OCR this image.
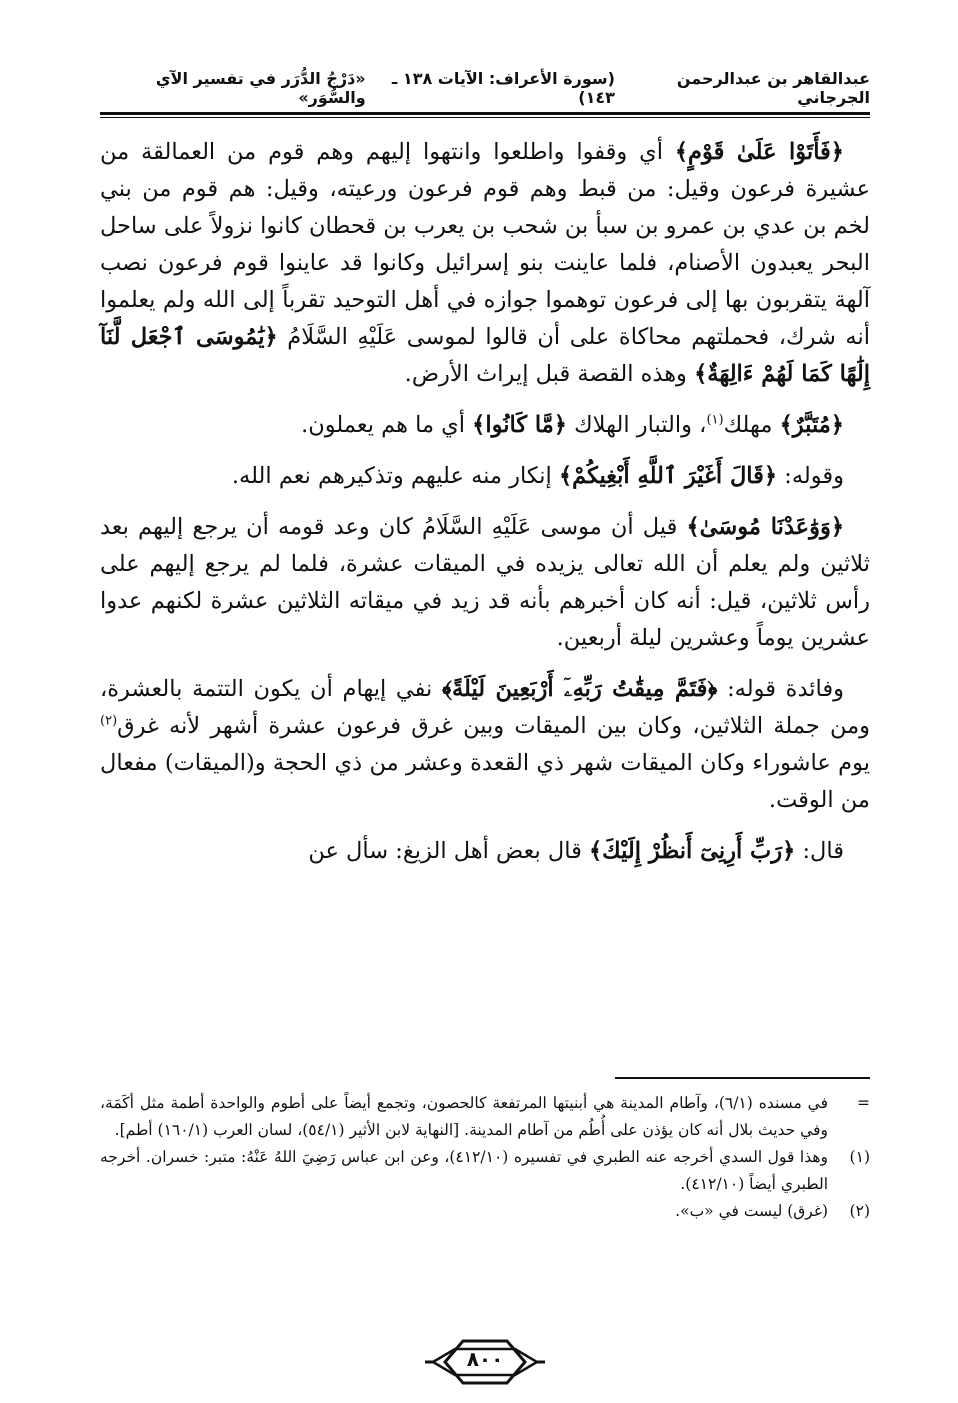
عبدالقاهر بن عبدالرحمن الجرجاني
(سورة الأعراف: الآيات ١٣٨ ـ ١٤٣)
«دَرْجُ الدُّرَر في تفسير الآي والسُّوَر»

﴿فَأَتَوْا عَلَىٰ قَوْمٍ﴾ أي وقفوا واطلعوا وانتهوا إليهم وهم قوم من العمالقة من عشيرة فرعون وقيل: من قبط وهم قوم فرعون ورعيته، وقيل: هم قوم من بني لخم بن عدي بن عمرو بن سبأ بن شحب بن يعرب بن قحطان كانوا نزولاً على ساحل البحر يعبدون الأصنام، فلما عاينت بنو إسرائيل وكانوا قد عاينوا قوم فرعون نصب آلهة يتقربون بها إلى فرعون توهموا جوازه في أهل التوحيد تقرباً إلى الله ولم يعلموا أنه شرك، فحملتهم محاكاة على أن قالوا لموسى عَلَيْهِ السَّلَامُ ﴿يَٰمُوسَى ٱجْعَل لَّنَآ إِلَٰهًا كَمَا لَهُمْ ءَالِهَةٌ﴾ وهذه القصة قبل إيراث الأرض.

﴿مُتَبَّرٌ﴾ مهلك$^{(١)}$، والتبار الهلاك ﴿مَّا كَانُوا﴾ أي ما هم يعملون.

وقوله: ﴿قَالَ أَغَيْرَ ٱللَّهِ أَبْغِيكُمْ﴾ إنكار منه عليهم وتذكيرهم نعم الله.

﴿وَوَٰعَدْنَا مُوسَىٰ﴾ قيل أن موسى عَلَيْهِ السَّلَامُ كان وعد قومه أن يرجع إليهم بعد ثلاثين ولم يعلم أن الله تعالى يزيده في الميقات عشرة، فلما لم يرجع إليهم على رأس ثلاثين، قيل: أنه كان أخبرهم بأنه قد زيد في ميقاته الثلاثين عشرة لكنهم عدوا عشرين يوماً وعشرين ليلة أربعين.

وفائدة قوله: ﴿فَتَمَّ مِيقَٰتُ رَبِّهِۦٓ أَرْبَعِينَ لَيْلَةً﴾ نفي إيهام أن يكون التتمة بالعشرة، ومن جملة الثلاثين، وكان بين الميقات وبين غرق فرعون عشرة أشهر لأنه غرق$^{(٢)}$ يوم عاشوراء وكان الميقات شهر ذي القعدة وعشر من ذي الحجة و(الميقات) مفعال من الوقت.

قال: ﴿رَبِّ أَرِنِىٓ أَنظُرْ إِلَيْكَ﴾ قال بعض أهل الزيغ: سأل عن

=
في مسنده (٦/١)، وآطام المدينة هي أبنيتها المرتفعة كالحصون، وتجمع أيضاً على أطوم والواحدة أطمة مثل أكَمَة، وفي حديث بلال أنه كان يؤذن على أُطُم من آطام المدينة. [النهاية لابن الأثير (٥٤/١)، لسان العرب (١٦٠/١) أطم].
(١)
وهذا قول السدي أخرجه عنه الطبري في تفسيره (٤١٢/١٠)، وعن ابن عباس رَضِيَ اللهُ عَنْهُ: متبر: خسران. أخرجه الطبري أيضاً (٤١٢/١٠).
(٢)
(غرق) ليست في «ب».
٨٠٠
